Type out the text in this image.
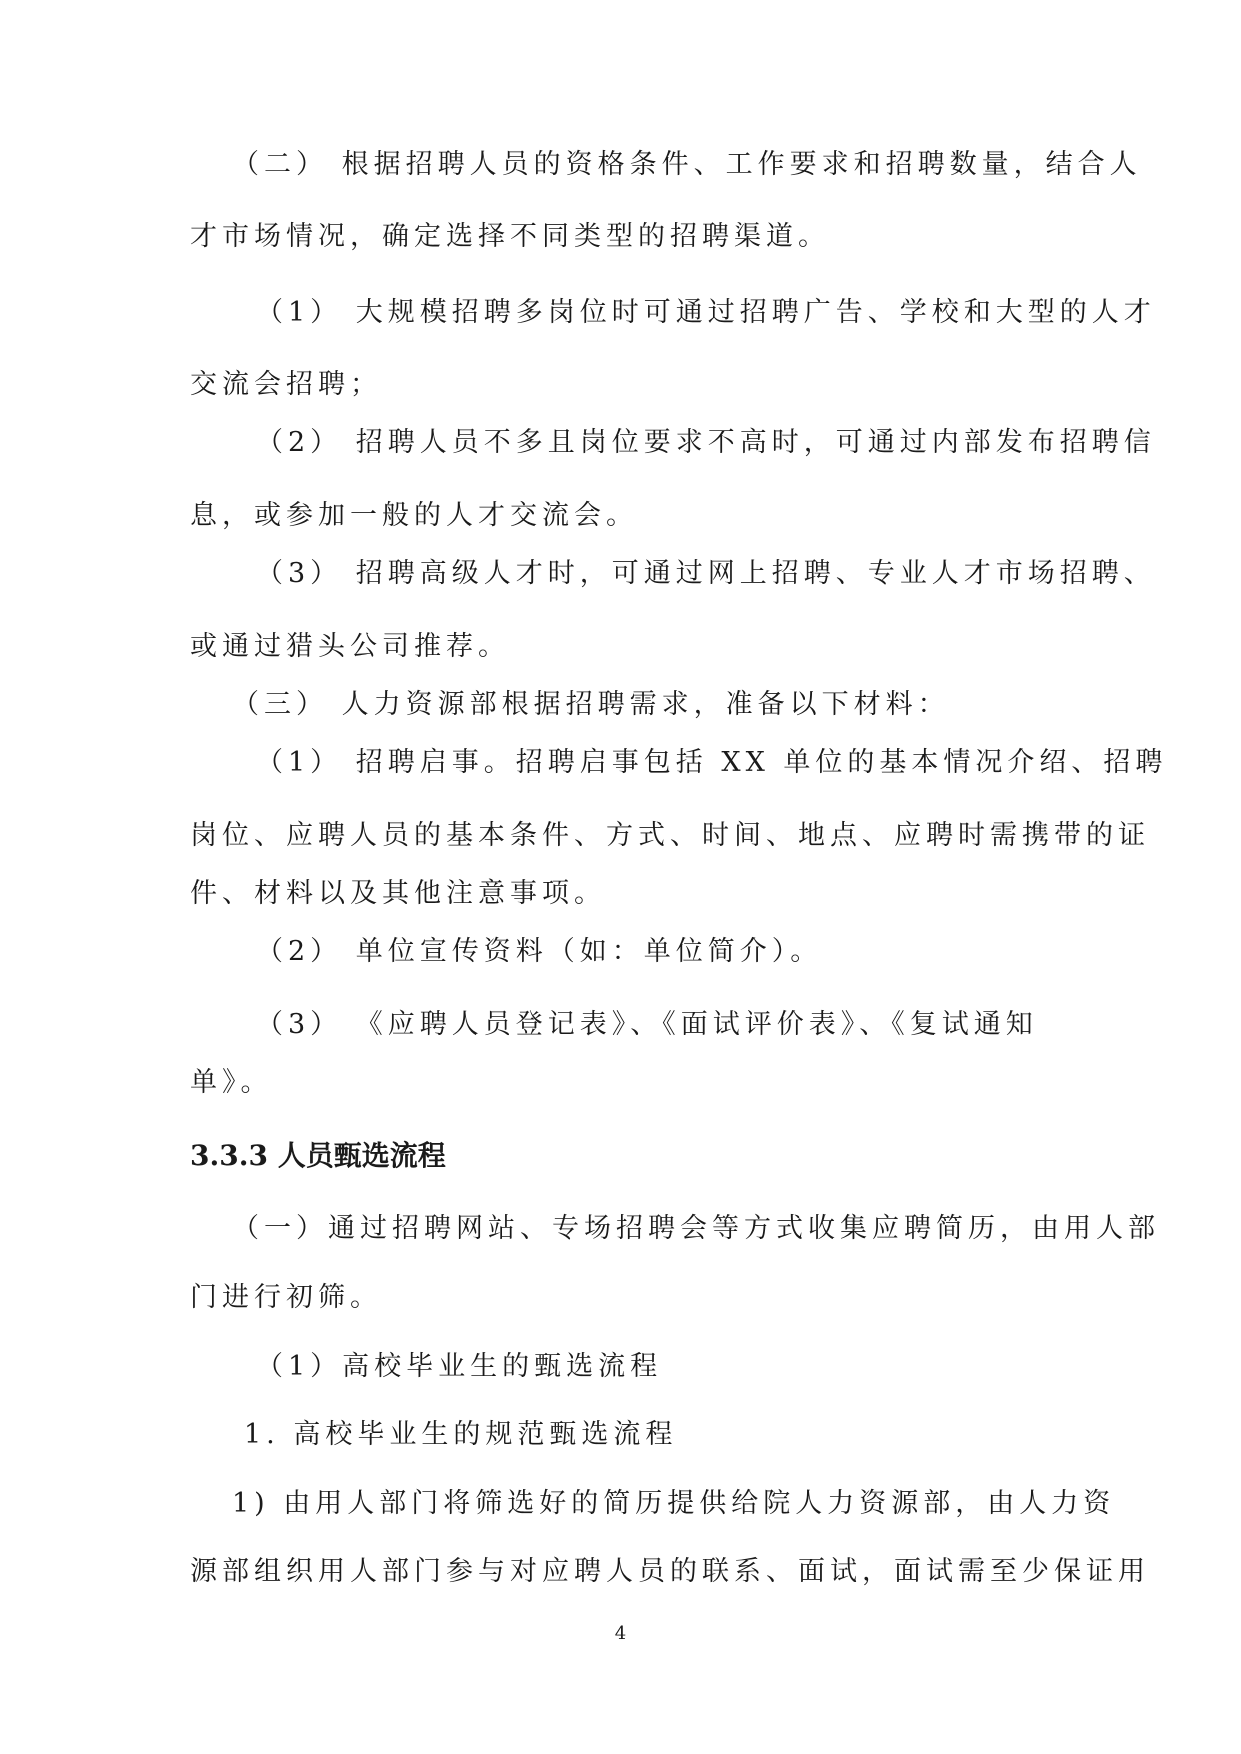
（二） 根据招聘人员的资格条件、工作要求和招聘数量，结合人
才市场情况，确定选择不同类型的招聘渠道。
（1） 大规模招聘多岗位时可通过招聘广告、学校和大型的人才
交流会招聘；
（2） 招聘人员不多且岗位要求不高时，可通过内部发布招聘信
息，或参加一般的人才交流会。
（3） 招聘高级人才时，可通过网上招聘、专业人才市场招聘、
或通过猎头公司推荐。
（三） 人力资源部根据招聘需求，准备以下材料：
（1） 招聘启事。招聘启事包括 XX 单位的基本情况介绍、招聘
岗位、应聘人员的基本条件、方式、时间、地点、应聘时需携带的证
件、材料以及其他注意事项。
（2） 单位宣传资料（如：单位简介）。
（3） 《应聘人员登记表》、《面试评价表》、《复试通知
单》。
3.3.3 人员甄选流程
（一）通过招聘网站、专场招聘会等方式收集应聘简历，由用人部
门进行初筛。
（1）高校毕业生的甄选流程
1. 高校毕业生的规范甄选流程
1) 由用人部门将筛选好的简历提供给院人力资源部，由人力资
源部组织用人部门参与对应聘人员的联系、面试，面试需至少保证用
4
